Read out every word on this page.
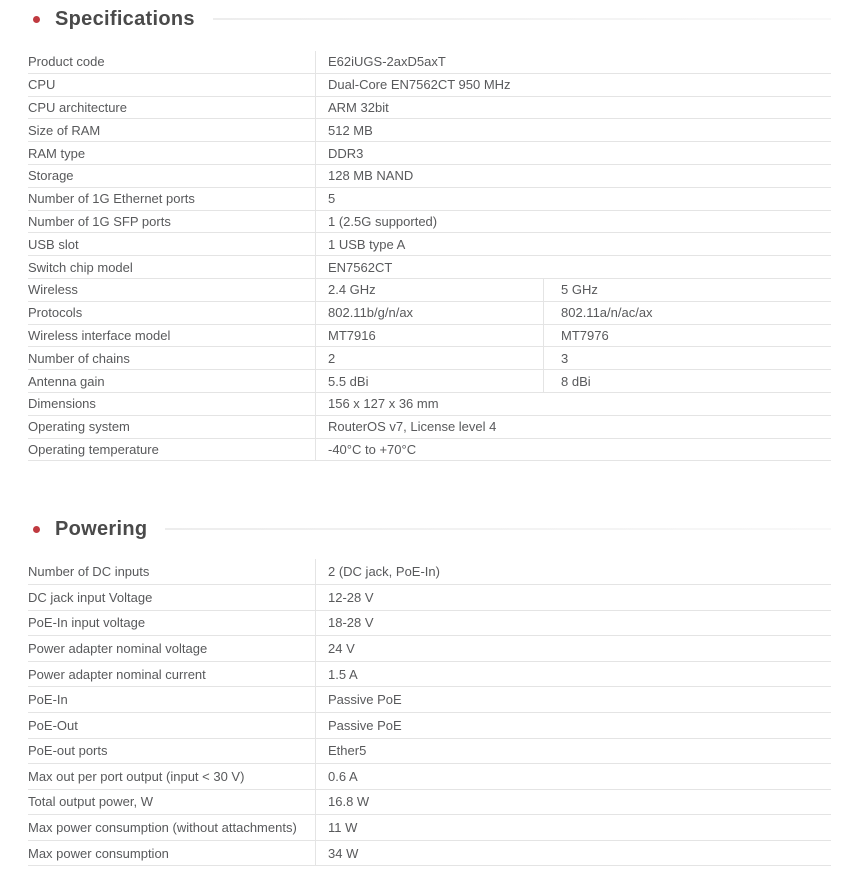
Specifications
Product code	E62iUGS-2axD5axT
CPU	Dual-Core EN7562CT 950 MHz
CPU architecture	ARM 32bit
Size of RAM	512 MB
RAM type	DDR3
Storage	128 MB NAND
Number of 1G Ethernet ports	5
Number of 1G SFP ports	1 (2.5G supported)
USB slot	1 USB type A
Switch chip model	EN7562CT
Wireless	2.4 GHz	5 GHz
Protocols	802.11b/g/n/ax	802.11a/n/ac/ax
Wireless interface model	MT7916	MT7976
Number of chains	2	3
Antenna gain	5.5 dBi	8 dBi
Dimensions	156 x 127 x 36 mm
Operating system	RouterOS v7, License level 4
Operating temperature	-40°C to +70°C
Powering
Number of DC inputs	2 (DC jack, PoE-In)
DC jack input Voltage	12-28 V
PoE-In input voltage	18-28 V
Power adapter nominal voltage	24 V
Power adapter nominal current	1.5 A
PoE-In	Passive PoE
PoE-Out	Passive PoE
PoE-out ports	Ether5
Max out per port output (input < 30 V)	0.6 A
Total output power, W	16.8 W
Max power consumption (without attachments)	11 W
Max power consumption	34 W
